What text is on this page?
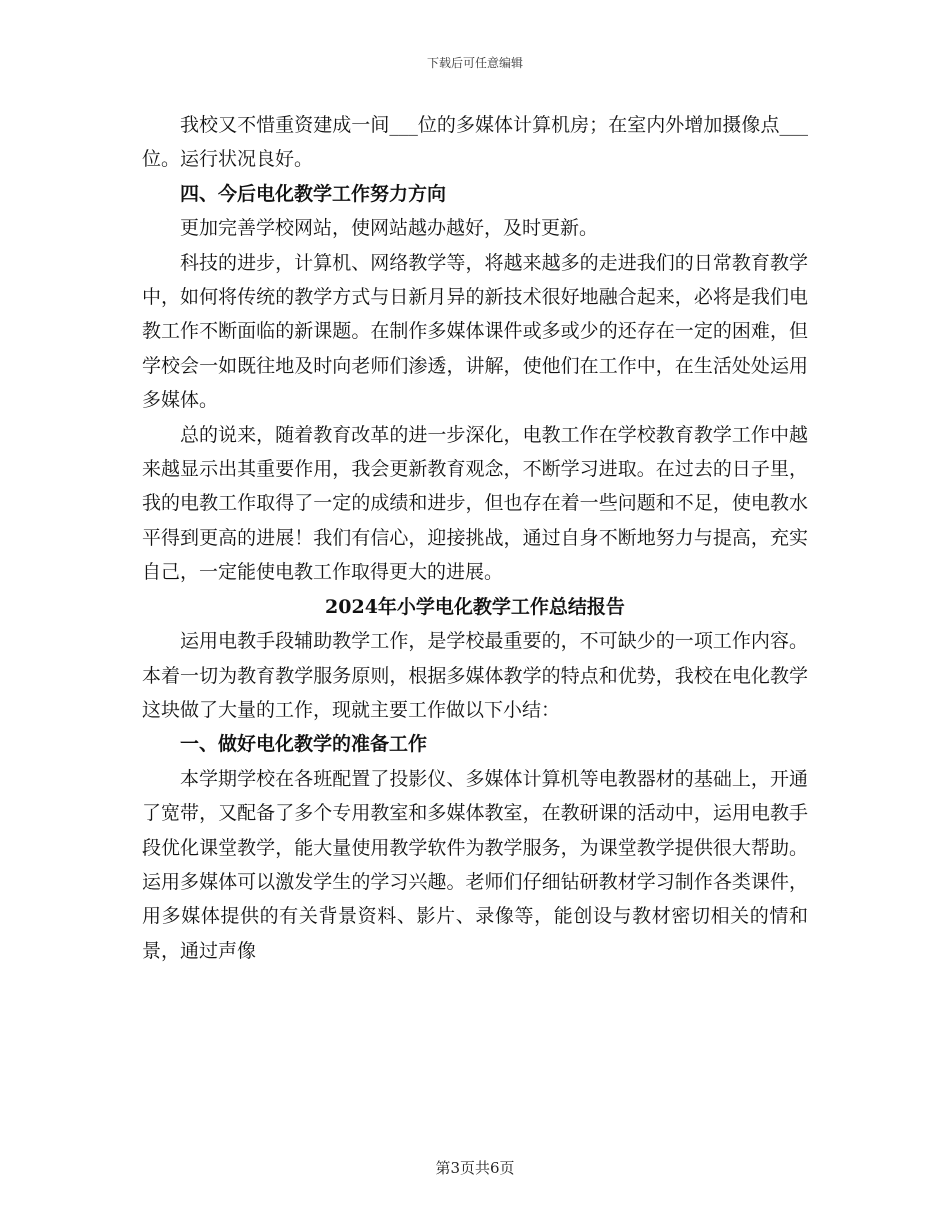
下载后可任意编辑

我校又不惜重资建成一间___位的多媒体计算机房；在室内外增加摄像点___位。运行状况良好。

四、今后电化教学工作努力方向

更加完善学校网站，使网站越办越好，及时更新。

科技的进步，计算机、网络教学等，将越来越多的走进我们的日常教育教学中，如何将传统的教学方式与日新月异的新技术很好地融合起来，必将是我们电教工作不断面临的新课题。在制作多媒体课件或多或少的还存在一定的困难，但学校会一如既往地及时向老师们渗透，讲解，使他们在工作中，在生活处处运用多媒体。

总的说来，随着教育改革的进一步深化，电教工作在学校教育教学工作中越来越显示出其重要作用，我会更新教育观念，不断学习进取。在过去的日子里，我的电教工作取得了一定的成绩和进步，但也存在着一些问题和不足，使电教水平得到更高的进展！我们有信心，迎接挑战，通过自身不断地努力与提高，充实自己，一定能使电教工作取得更大的进展。

2024年小学电化教学工作总结报告

运用电教手段辅助教学工作，是学校最重要的，不可缺少的一项工作内容。本着一切为教育教学服务原则，根据多媒体教学的特点和优势，我校在电化教学这块做了大量的工作，现就主要工作做以下小结：

一、做好电化教学的准备工作

本学期学校在各班配置了投影仪、多媒体计算机等电教器材的基础上，开通了宽带，又配备了多个专用教室和多媒体教室，在教研课的活动中，运用电教手段优化课堂教学，能大量使用教学软件为教学服务，为课堂教学提供很大帮助。运用多媒体可以激发学生的学习兴趣。老师们仔细钻研教材学习制作各类课件，用多媒体提供的有关背景资料、影片、录像等，能创设与教材密切相关的情和景，通过声像

第3页共6页
